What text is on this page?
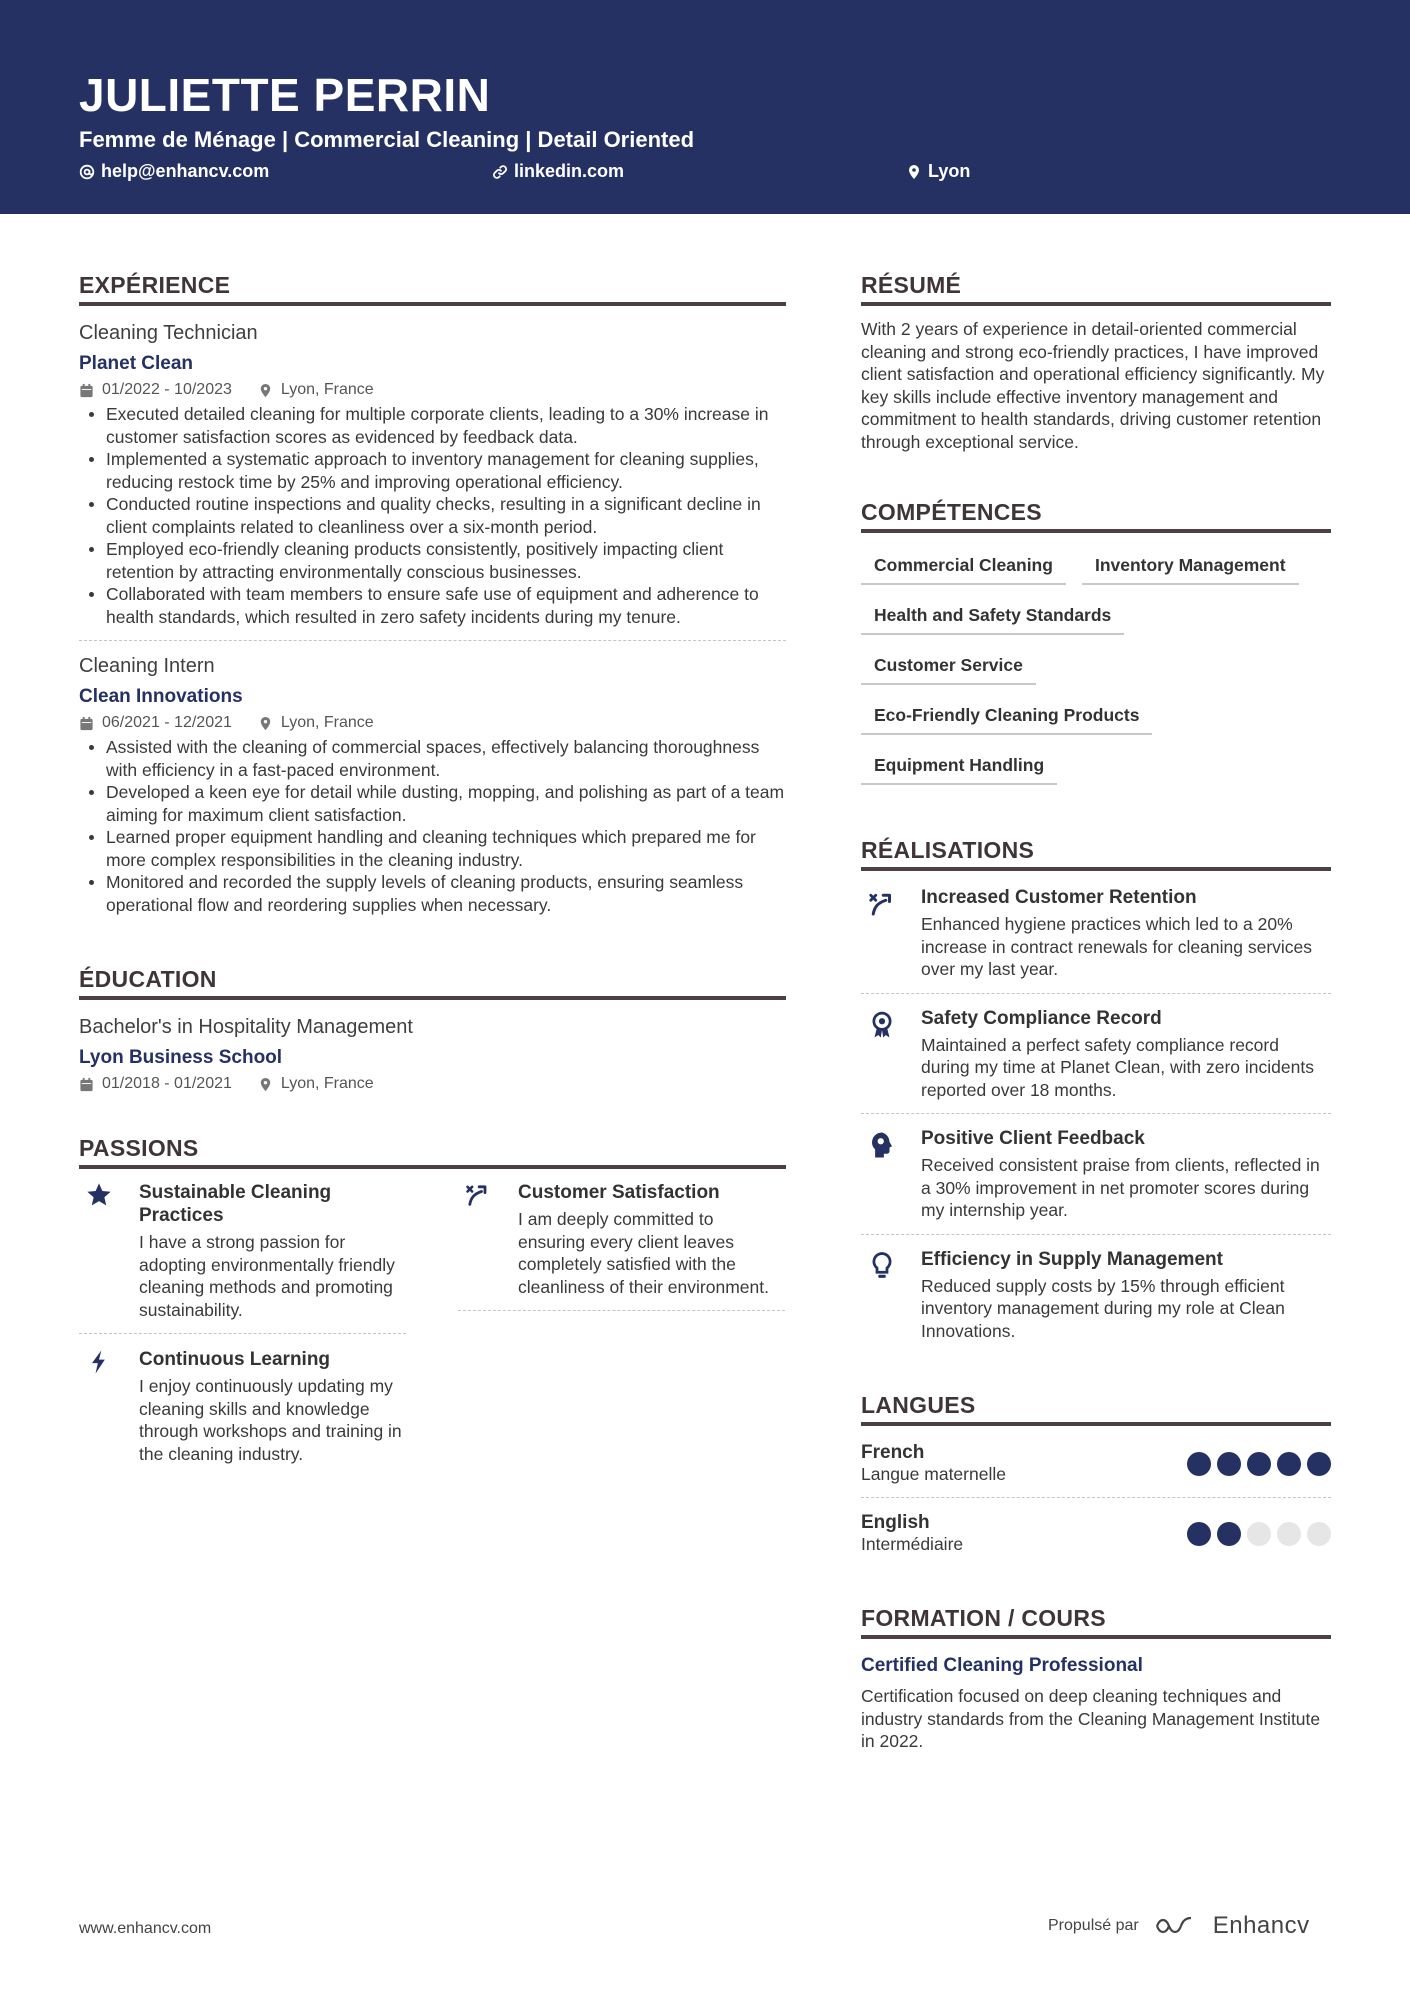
JULIETTE PERRIN
Femme de Ménage | Commercial Cleaning | Detail Oriented
help@enhancv.com	linkedin.com	Lyon
EXPÉRIENCE
Cleaning Technician
Planet Clean
01/2022 - 10/2023	Lyon, France
Executed detailed cleaning for multiple corporate clients, leading to a 30% increase in customer satisfaction scores as evidenced by feedback data.
Implemented a systematic approach to inventory management for cleaning supplies, reducing restock time by 25% and improving operational efficiency.
Conducted routine inspections and quality checks, resulting in a significant decline in client complaints related to cleanliness over a six-month period.
Employed eco-friendly cleaning products consistently, positively impacting client retention by attracting environmentally conscious businesses.
Collaborated with team members to ensure safe use of equipment and adherence to health standards, which resulted in zero safety incidents during my tenure.
Cleaning Intern
Clean Innovations
06/2021 - 12/2021	Lyon, France
Assisted with the cleaning of commercial spaces, effectively balancing thoroughness with efficiency in a fast-paced environment.
Developed a keen eye for detail while dusting, mopping, and polishing as part of a team aiming for maximum client satisfaction.
Learned proper equipment handling and cleaning techniques which prepared me for more complex responsibilities in the cleaning industry.
Monitored and recorded the supply levels of cleaning products, ensuring seamless operational flow and reordering supplies when necessary.
ÉDUCATION
Bachelor's in Hospitality Management
Lyon Business School
01/2018 - 01/2021	Lyon, France
PASSIONS
Sustainable Cleaning Practices
I have a strong passion for adopting environmentally friendly cleaning methods and promoting sustainability.
Customer Satisfaction
I am deeply committed to ensuring every client leaves completely satisfied with the cleanliness of their environment.
Continuous Learning
I enjoy continuously updating my cleaning skills and knowledge through workshops and training in the cleaning industry.
RÉSUMÉ
With 2 years of experience in detail-oriented commercial cleaning and strong eco-friendly practices, I have improved client satisfaction and operational efficiency significantly. My key skills include effective inventory management and commitment to health standards, driving customer retention through exceptional service.
COMPÉTENCES
Commercial Cleaning	Inventory Management
Health and Safety Standards
Customer Service
Eco-Friendly Cleaning Products
Equipment Handling
RÉALISATIONS
Increased Customer Retention
Enhanced hygiene practices which led to a 20% increase in contract renewals for cleaning services over my last year.
Safety Compliance Record
Maintained a perfect safety compliance record during my time at Planet Clean, with zero incidents reported over 18 months.
Positive Client Feedback
Received consistent praise from clients, reflected in a 30% improvement in net promoter scores during my internship year.
Efficiency in Supply Management
Reduced supply costs by 15% through efficient inventory management during my role at Clean Innovations.
LANGUES
French
Langue maternelle
English
Intermédiaire
FORMATION / COURS
Certified Cleaning Professional
Certification focused on deep cleaning techniques and industry standards from the Cleaning Management Institute in 2022.
www.enhancv.com	Propulsé par	Enhancv
